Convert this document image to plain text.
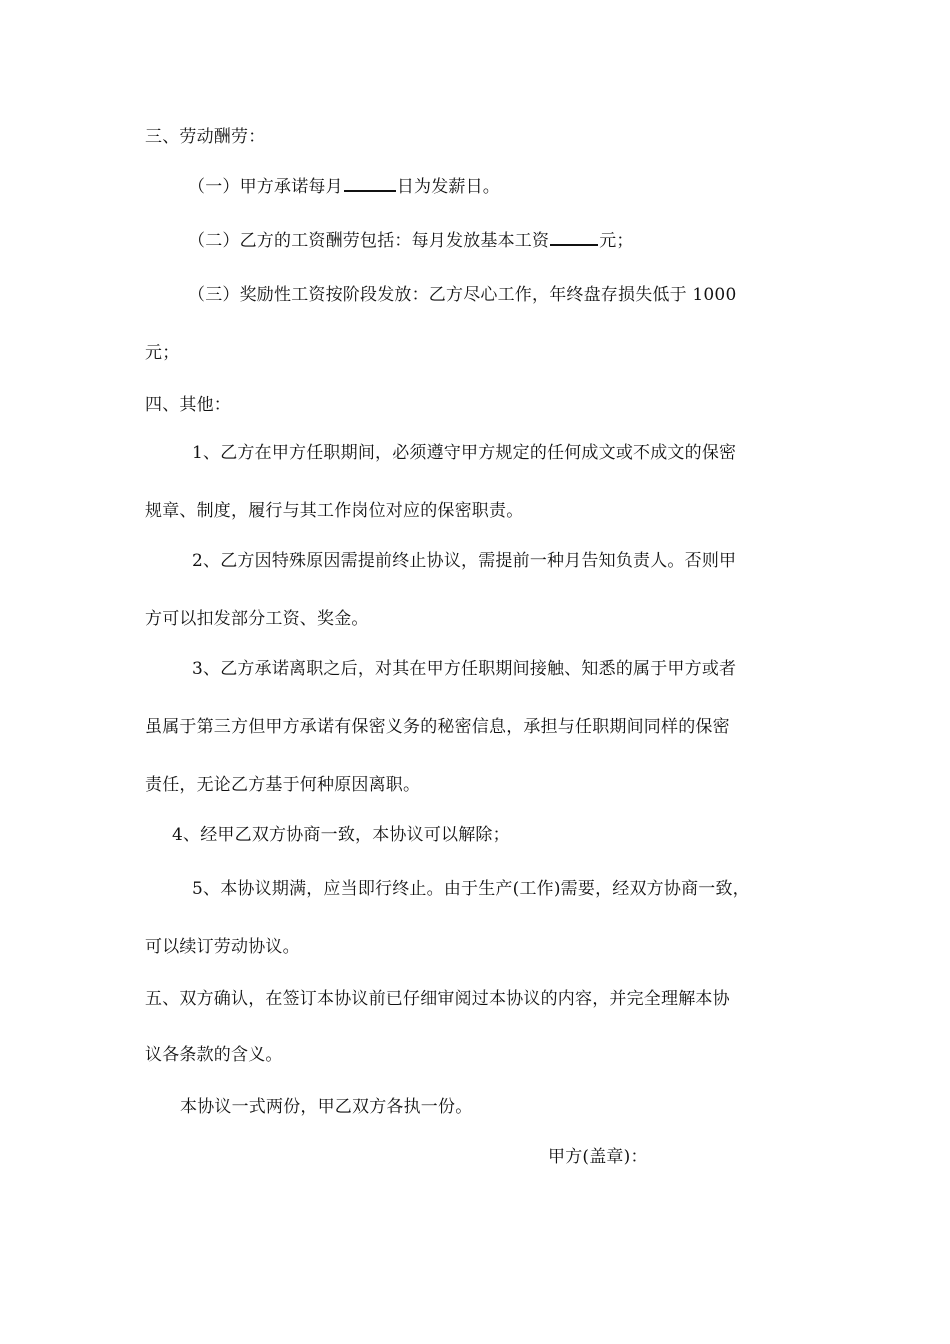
三、劳动酬劳：
（一）甲方承诺每月	日为发薪日。
（二）乙方的工资酬劳包括：每月发放基本工资	元；
（三）奖励性工资按阶段发放：乙方尽心工作，年终盘存损失低于 1000
元；
四、其他：
1、乙方在甲方任职期间，必须遵守甲方规定的任何成文或不成文的保密
规章、制度，履行与其工作岗位对应的保密职责。
2、乙方因特殊原因需提前终止协议，需提前一种月告知负责人。否则甲
方可以扣发部分工资、奖金。
3、乙方承诺离职之后，对其在甲方任职期间接触、知悉的属于甲方或者
虽属于第三方但甲方承诺有保密义务的秘密信息，承担与任职期间同样的保密
责任，无论乙方基于何种原因离职。
4、经甲乙双方协商一致，本协议可以解除；
5、本协议期满，应当即行终止。由于生产(工作)需要，经双方协商一致，
可以续订劳动协议。
五、双方确认，在签订本协议前已仔细审阅过本协议的内容，并完全理解本协
议各条款的含义。
本协议一式两份，甲乙双方各执一份。
甲方(盖章)：
